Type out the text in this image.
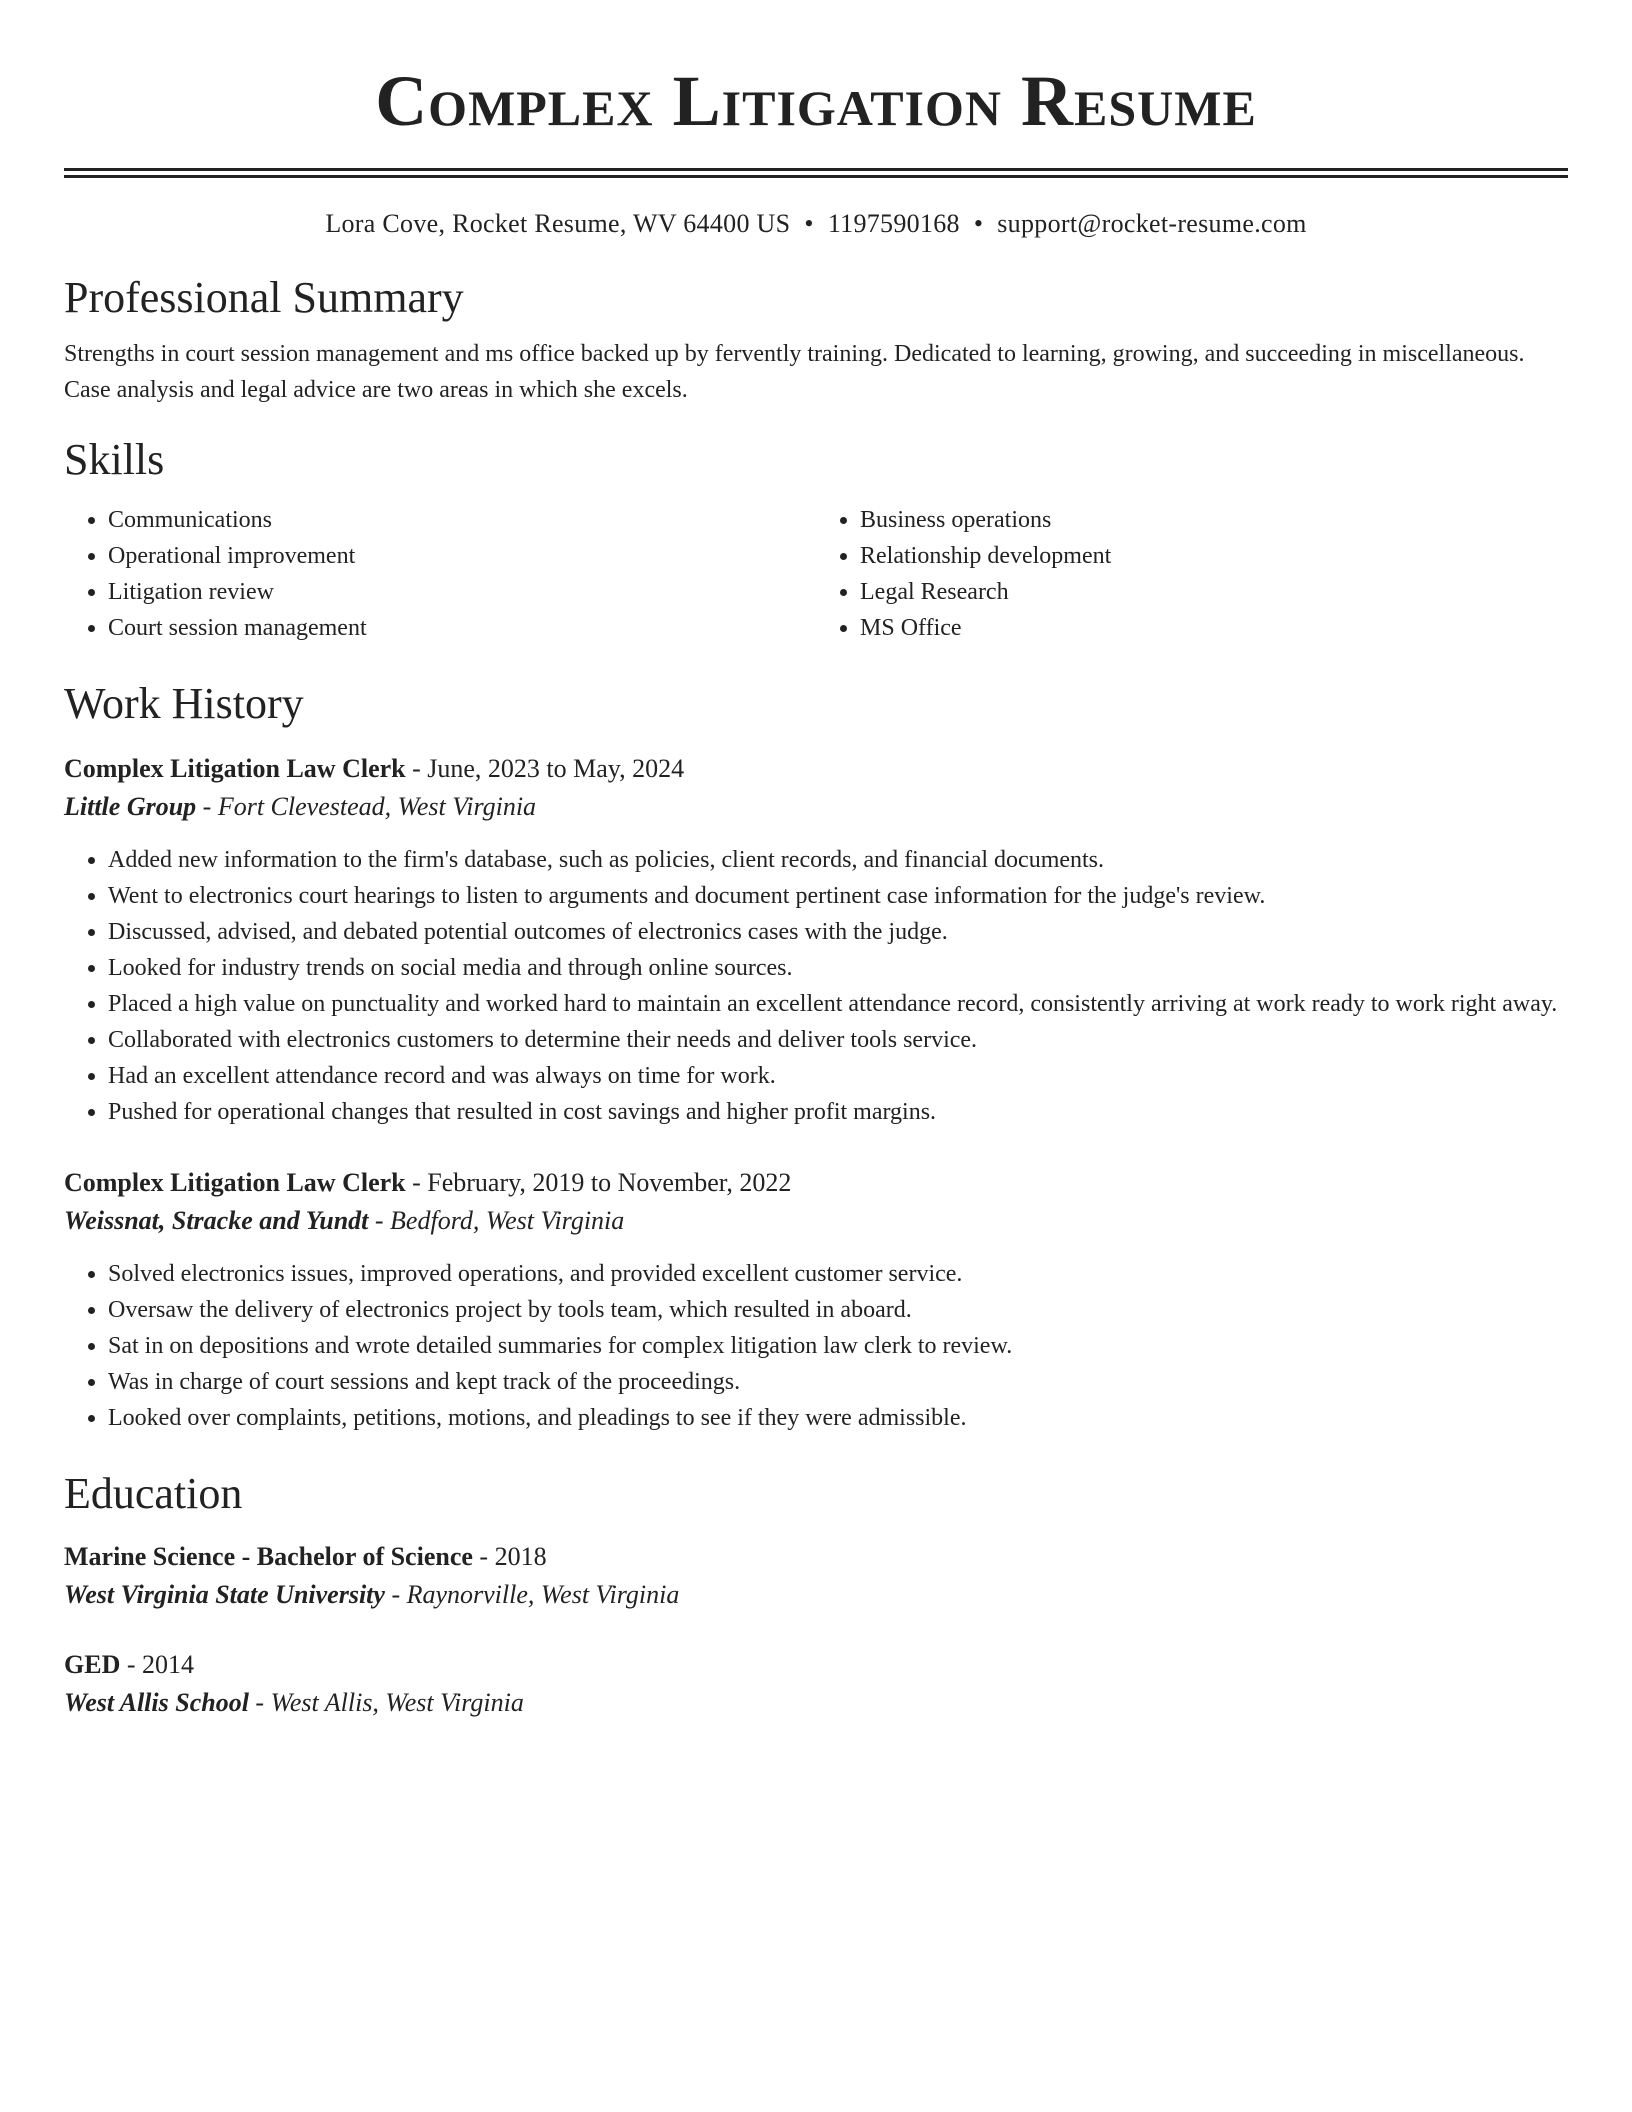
Complex Litigation Resume
Lora Cove, Rocket Resume, WV 64400 US • 1197590168 • support@rocket-resume.com
Professional Summary

Strengths in court session management and ms office backed up by fervently training. Dedicated to learning, growing, and succeeding in miscellaneous. Case analysis and legal advice are two areas in which she excels.

Skills
• Communications
• Operational improvement
• Litigation review
• Court session management
• Business operations
• Relationship development
• Legal Research
• MS Office
Work History
Complex Litigation Law Clerk - June, 2023 to May, 2024
Little Group - Fort Clevestead, West Virginia
• Added new information to the firm's database, such as policies, client records, and financial documents.
• Went to electronics court hearings to listen to arguments and document pertinent case information for the judge's review.
• Discussed, advised, and debated potential outcomes of electronics cases with the judge.
• Looked for industry trends on social media and through online sources.
• Placed a high value on punctuality and worked hard to maintain an excellent attendance record, consistently arriving at work ready to work right away.
• Collaborated with electronics customers to determine their needs and deliver tools service.
• Had an excellent attendance record and was always on time for work.
• Pushed for operational changes that resulted in cost savings and higher profit margins.
Complex Litigation Law Clerk - February, 2019 to November, 2022
Weissnat, Stracke and Yundt - Bedford, West Virginia
• Solved electronics issues, improved operations, and provided excellent customer service.
• Oversaw the delivery of electronics project by tools team, which resulted in aboard.
• Sat in on depositions and wrote detailed summaries for complex litigation law clerk to review.
• Was in charge of court sessions and kept track of the proceedings.
• Looked over complaints, petitions, motions, and pleadings to see if they were admissible.
Education
Marine Science - Bachelor of Science - 2018
West Virginia State University - Raynorville, West Virginia
GED - 2014
West Allis School - West Allis, West Virginia
